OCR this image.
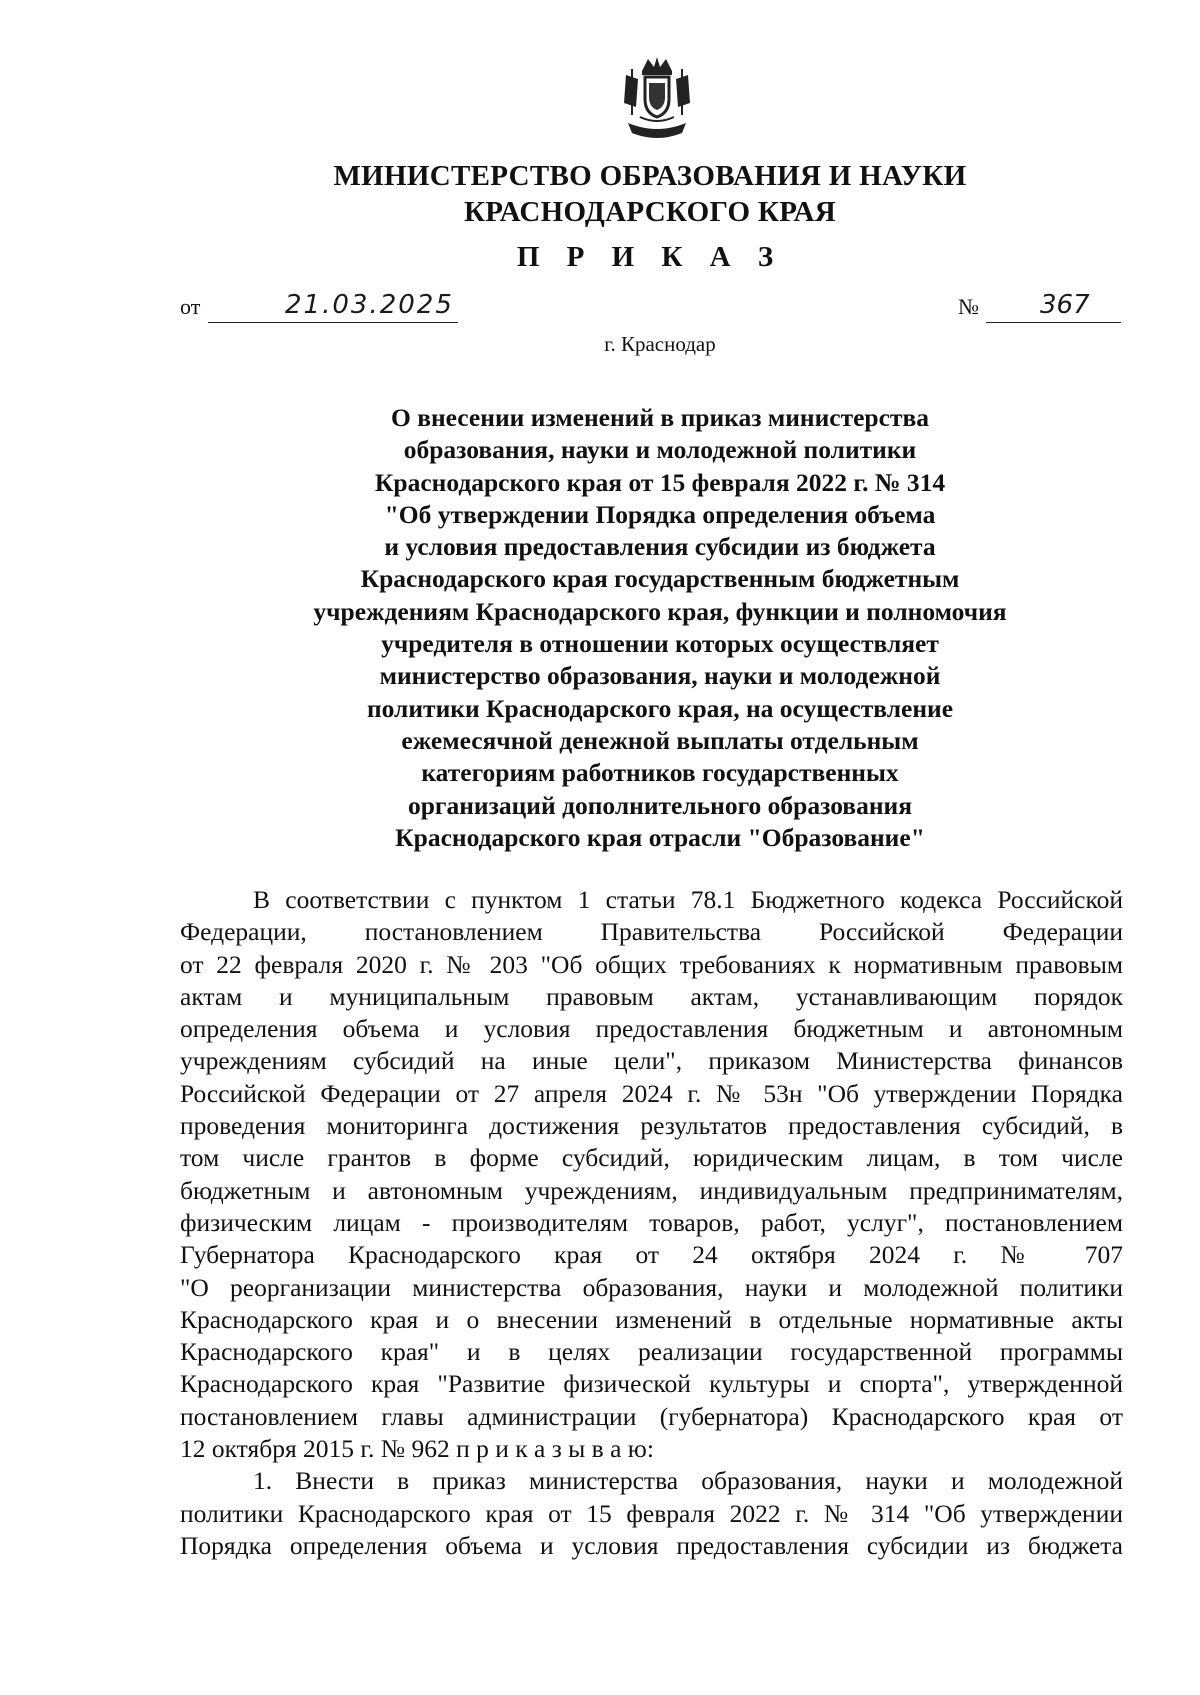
МИНИСТЕРСТВО ОБРАЗОВАНИЯ И НАУКИ
КРАСНОДАРСКОГО КРАЯ
П Р И К А З
от	21.03.2025	№ 367
г. Краснодар
О внесении изменений в приказ министерства
образования, науки и молодежной политики
Краснодарского края от 15 февраля 2022 г. № 314
"Об утверждении Порядка определения объема
и условия предоставления субсидии из бюджета
Краснодарского края государственным бюджетным
учреждениям Краснодарского края, функции и полномочия
учредителя в отношении которых осуществляет
министерство образования, науки и молодежной
политики Краснодарского края, на осуществление
ежемесячной денежной выплаты отдельным
категориям работников государственных
организаций дополнительного образования
Краснодарского края отрасли "Образование"
В соответствии с пунктом 1 статьи 78.1 Бюджетного кодекса Российской
Федерации, постановлением Правительства Российской Федерации
от 22 февраля 2020 г. № 203 "Об общих требованиях к нормативным правовым
актам и муниципальным правовым актам, устанавливающим порядок
определения объема и условия предоставления бюджетным и автономным
учреждениям субсидий на иные цели", приказом Министерства финансов
Российской Федерации от 27 апреля 2024 г. № 53н "Об утверждении Порядка
проведения мониторинга достижения результатов предоставления субсидий, в
том числе грантов в форме субсидий, юридическим лицам, в том числе
бюджетным и автономным учреждениям, индивидуальным предпринимателям,
физическим лицам - производителям товаров, работ, услуг", постановлением
Губернатора Краснодарского края от 24 октября 2024 г. № 707
"О реорганизации министерства образования, науки и молодежной политики
Краснодарского края и о внесении изменений в отдельные нормативные акты
Краснодарского края" и в целях реализации государственной программы
Краснодарского края "Развитие физической культуры и спорта", утвержденной
постановлением главы администрации (губернатора) Краснодарского края от
12 октября 2015 г. № 962 п р и к а з ы в а ю:
1. Внести в приказ министерства образования, науки и молодежной
политики Краснодарского края от 15 февраля 2022 г. № 314 "Об утверждении
Порядка определения объема и условия предоставления субсидии из бюджета
